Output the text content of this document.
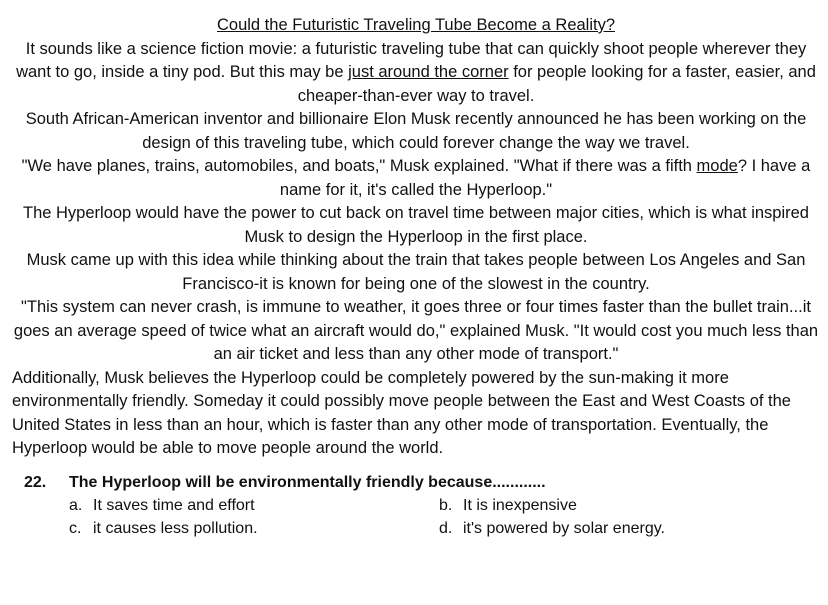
Could the Futuristic Traveling Tube Become a Reality?

It sounds like a science fiction movie: a futuristic traveling tube that can quickly shoot people wherever they want to go, inside a tiny pod. But this may be just around the corner for people looking for a faster, easier, and cheaper-than-ever way to travel.

South African-American inventor and billionaire Elon Musk recently announced he has been working on the design of this traveling tube, which could forever change the way we travel.

"We have planes, trains, automobiles, and boats," Musk explained. "What if there was a fifth mode? I have a name for it, it's called the Hyperloop."

The Hyperloop would have the power to cut back on travel time between major cities, which is what inspired Musk to design the Hyperloop in the first place.

Musk came up with this idea while thinking about the train that takes people between Los Angeles and San Francisco-it is known for being one of the slowest in the country.

"This system can never crash, is immune to weather, it goes three or four times faster than the bullet train...it goes an average speed of twice what an aircraft would do," explained Musk. "It would cost you much less than an air ticket and less than any other mode of transport."

Additionally, Musk believes the Hyperloop could be completely powered by the sun-making it more environmentally friendly. Someday it could possibly move people between the East and West Coasts of the United States in less than an hour, which is faster than any other mode of transportation. Eventually, the Hyperloop would be able to move people around the world.

22. The Hyperloop will be environmentally friendly because............
a. It saves time and effort	b. It is inexpensive
c. it causes less pollution.	d. it's powered by solar energy.
